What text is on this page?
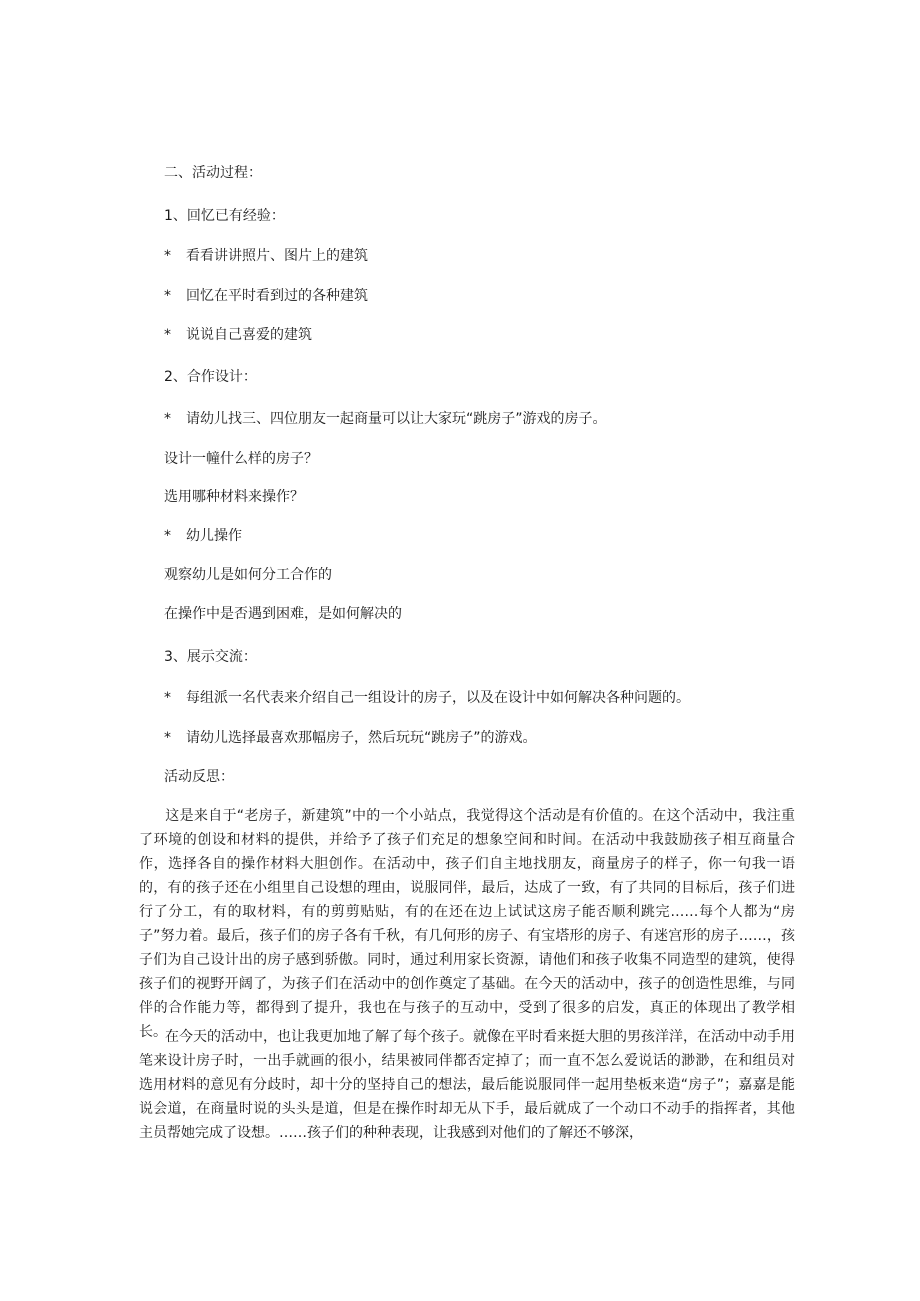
二、活动过程：
1、回忆已有经验：
* 看看讲讲照片、图片上的建筑
* 回忆在平时看到过的各种建筑
* 说说自己喜爱的建筑
2、合作设计：
* 请幼儿找三、四位朋友一起商量可以让大家玩“跳房子”游戏的房子。
设计一幢什么样的房子？
选用哪种材料来操作？
* 幼儿操作
观察幼儿是如何分工合作的
在操作中是否遇到困难，是如何解决的
3、展示交流：
* 每组派一名代表来介绍自己一组设计的房子，以及在设计中如何解决各种问题的。
* 请幼儿选择最喜欢那幅房子，然后玩玩“跳房子”的游戏。
活动反思：
这是来自于“老房子，新建筑”中的一个小站点，我觉得这个活动是有价值的。在这个活动中，我注重了环境的创设和材料的提供，并给予了孩子们充足的想象空间和时间。在活动中我鼓励孩子相互商量合作，选择各自的操作材料大胆创作。在活动中，孩子们自主地找朋友，商量房子的样子，你一句我一语的，有的孩子还在小组里自己设想的理由，说服同伴，最后，达成了一致，有了共同的目标后，孩子们进行了分工，有的取材料，有的剪剪贴贴，有的在还在边上试试这房子能否顺利跳完……每个人都为“房子”努力着。最后，孩子们的房子各有千秋，有几何形的房子、有宝塔形的房子、有迷宫形的房子……，孩子们为自己设计出的房子感到骄傲。同时，通过利用家长资源，请他们和孩子收集不同造型的建筑，使得孩子们的视野开阔了，为孩子们在活动中的创作奠定了基础。在今天的活动中，孩子的创造性思维，与同伴的合作能力等，都得到了提升，我也在与孩子的互动中，受到了很多的启发，真正的体现出了教学相长。
在今天的活动中，也让我更加地了解了每个孩子。就像在平时看来挺大胆的男孩洋洋，在活动中动手用笔来设计房子时，一出手就画的很小，结果被同伴都否定掉了；而一直不怎么爱说话的渺渺，在和组员对选用材料的意见有分歧时，却十分的坚持自己的想法，最后能说服同伴一起用垫板来造“房子”；嘉嘉是能说会道，在商量时说的头头是道，但是在操作时却无从下手，最后就成了一个动口不动手的指挥者，其他主员帮她完成了设想。……孩子们的种种表现，让我感到对他们的了解还不够深，
